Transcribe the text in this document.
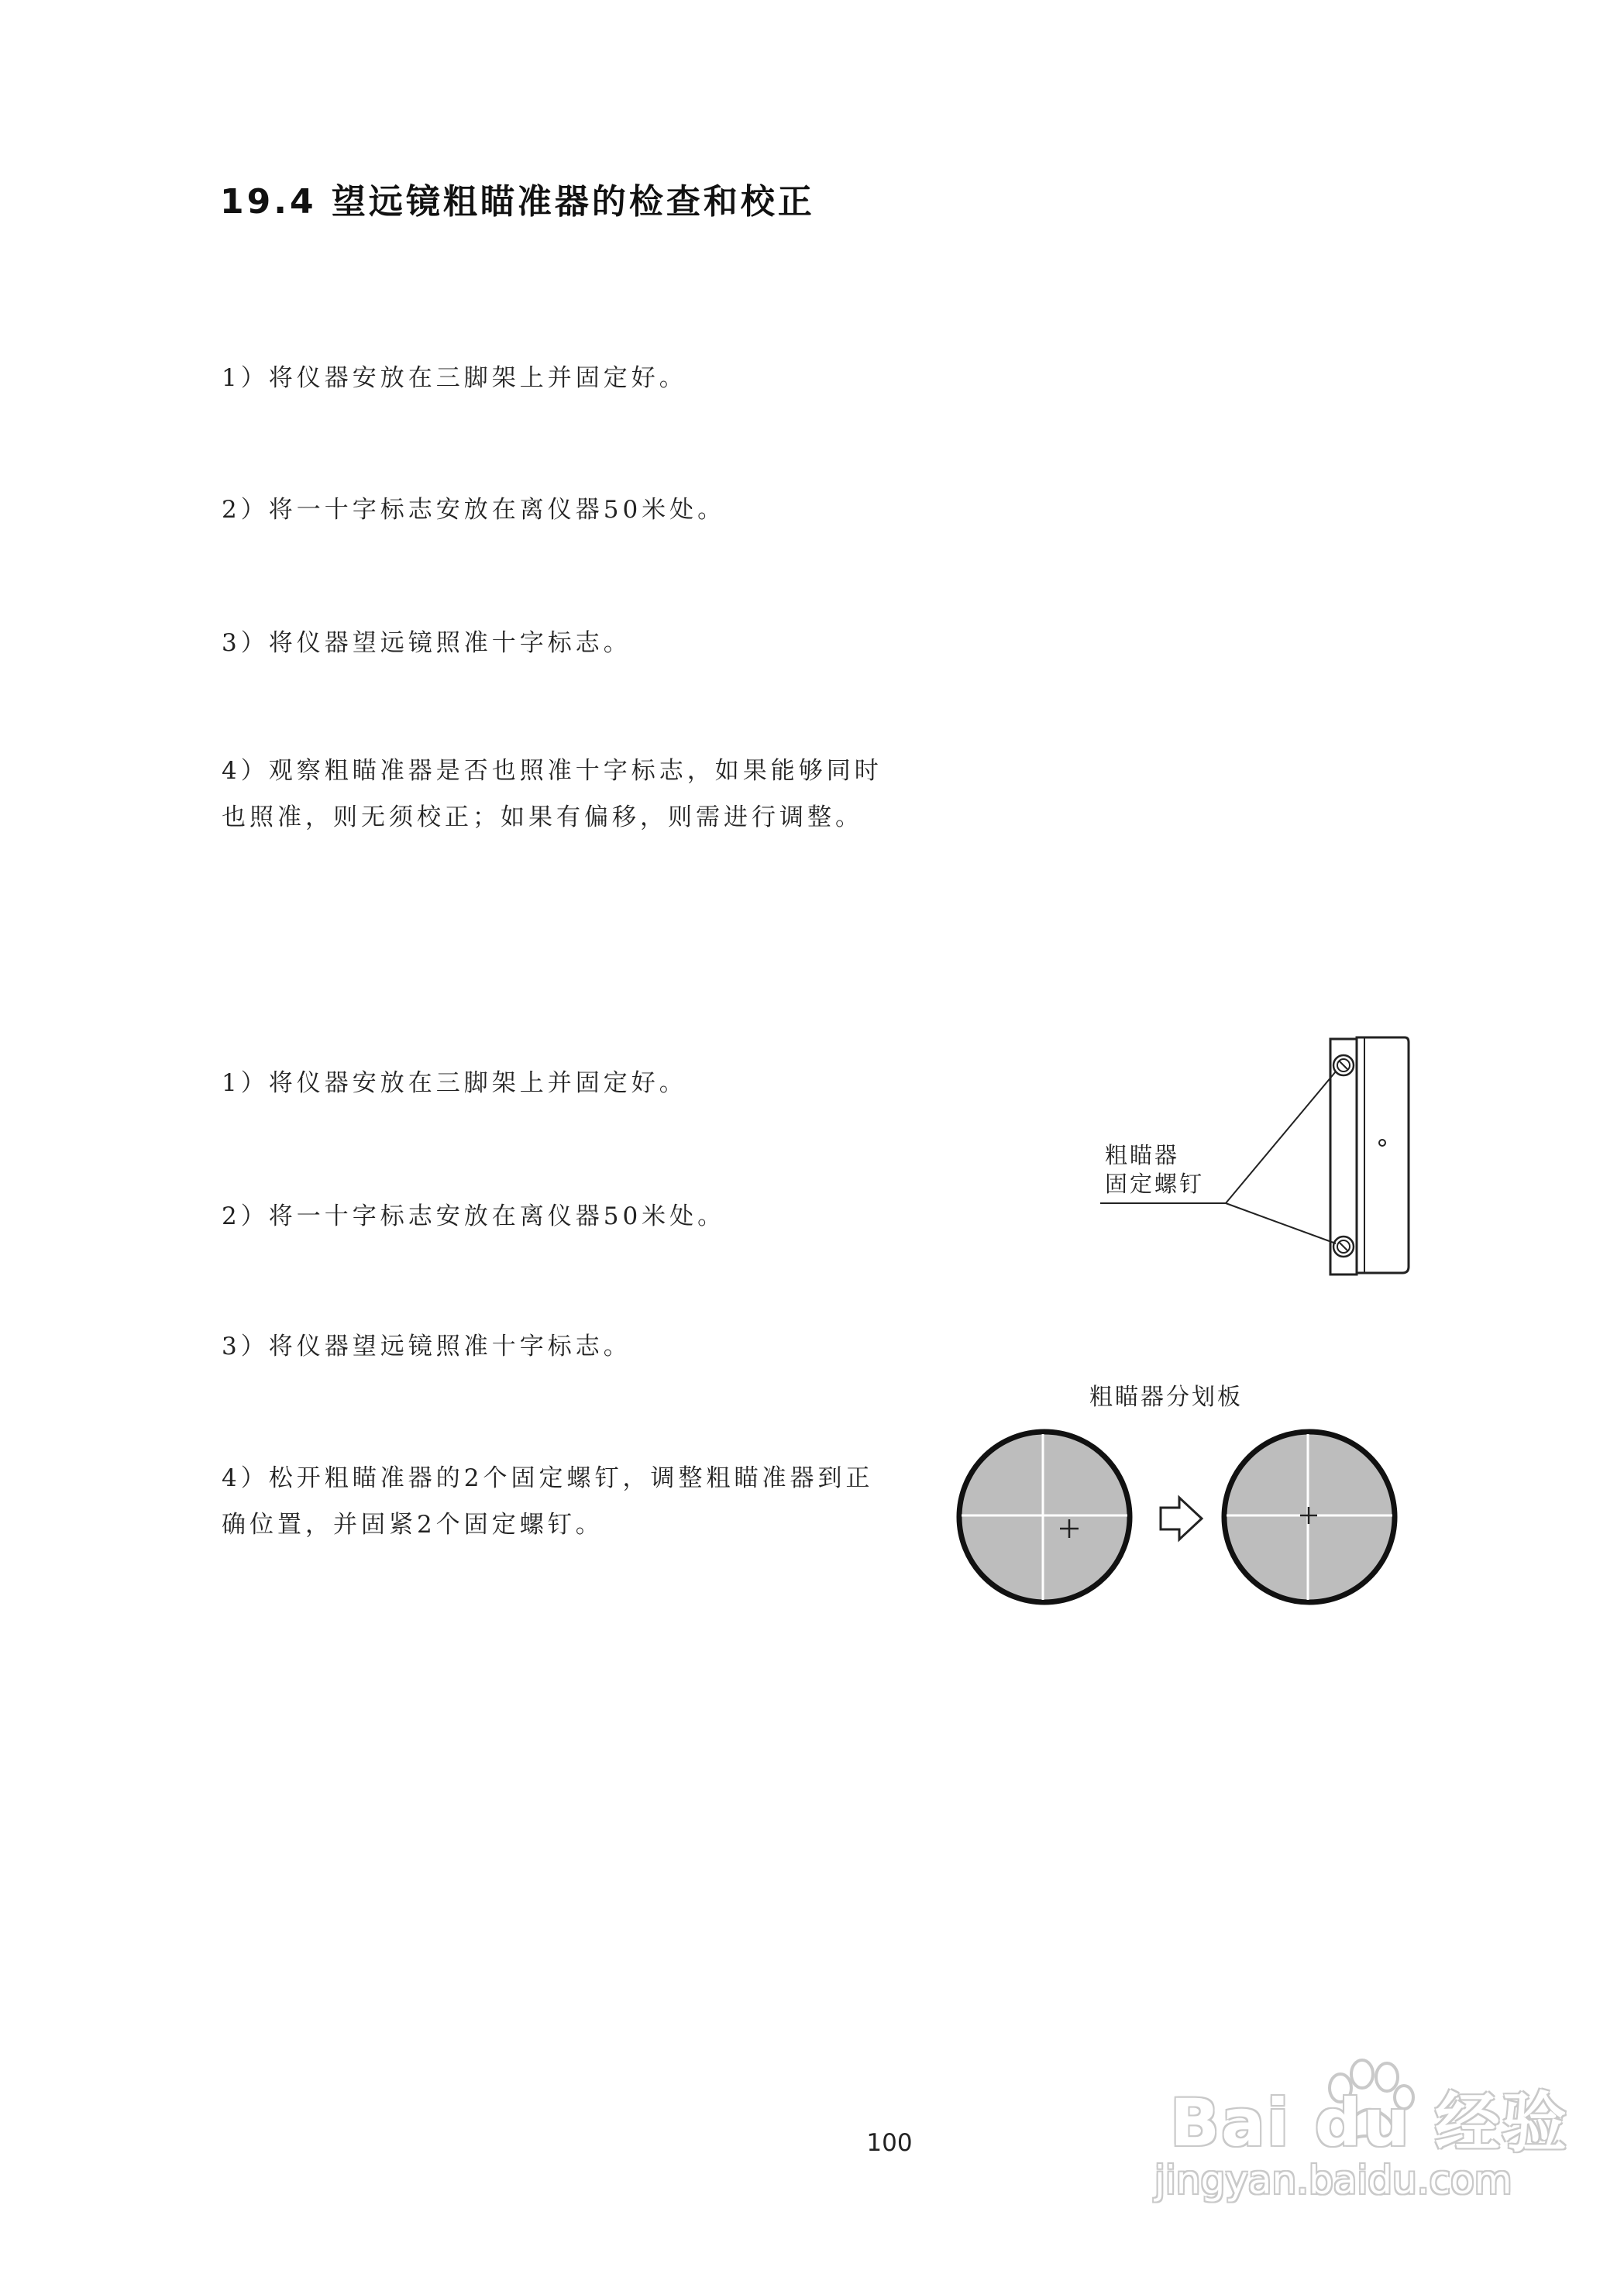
19.4 望远镜粗瞄准器的检查和校正

1）将仪器安放在三脚架上并固定好。

2）将一十字标志安放在离仪器50米处。

3）将仪器望远镜照准十字标志。

4）观察粗瞄准器是否也照准十字标志，如果能够同时也照准，则无须校正；如果有偏移，则需进行调整。

1）将仪器安放在三脚架上并固定好。

2）将一十字标志安放在离仪器50米处。

3）将仪器望远镜照准十字标志。

4）松开粗瞄准器的2个固定螺钉，调整粗瞄准器到正确位置，并固紧2个固定螺钉。

粗瞄器
固定螺钉
粗瞄器分划板
100	Bai du 经验
jingyan.baidu.com
